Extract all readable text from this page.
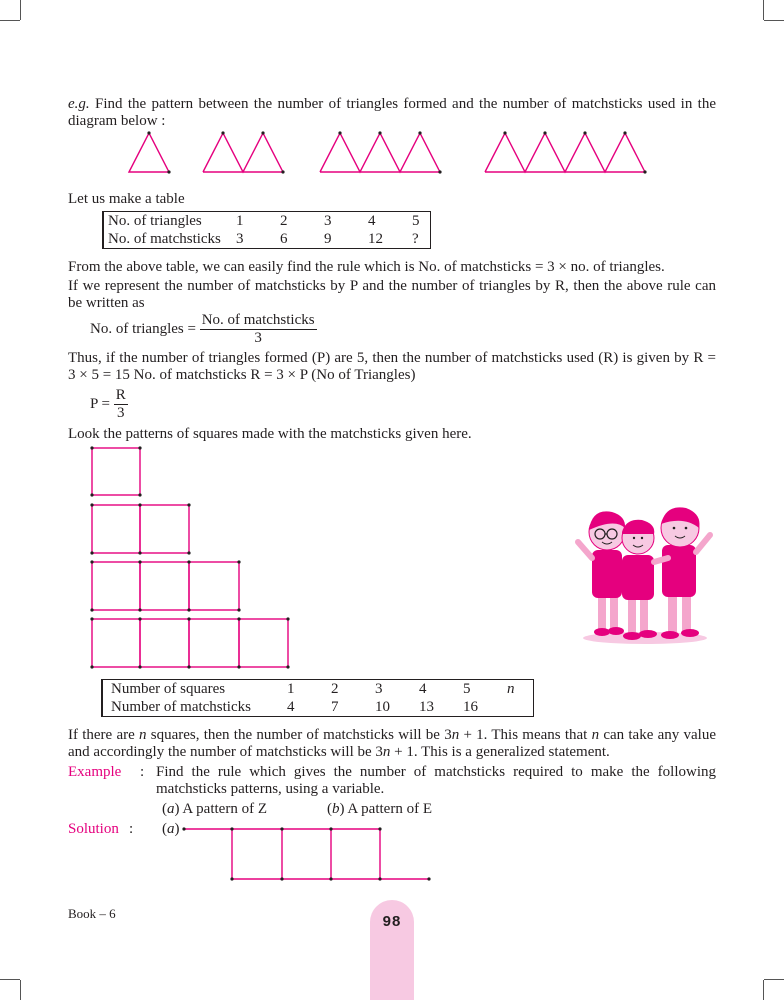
e.g. Find the pattern between the number of triangles formed and the number of matchsticks used in the diagram below :
Let us make a table
No. of triangles	1	2	3	4	5
No. of matchsticks	3	6	9	12	?
From the above table, we can easily find the rule which is No. of matchsticks = 3 × no. of triangles.
If we represent the number of matchsticks by P and the number of triangles by R, then the above rule can be written as
No. of triangles = $\frac{\text{No. of matchsticks}}{3}$
Thus, if the number of triangles formed (P) are 5, then the number of matchsticks used (R) is given by R = 3 × 5 = 15 No. of matchsticks R = 3 × P (No of Triangles)
$P = \frac{R}{3}$
Look the patterns of squares made with the matchsticks given here.
Number of squares	1	2	3	4	5	n
Number of matchsticks	4	7	10	13	16	
If there are n squares, then the number of matchsticks will be 3n + 1. This means that n can take any value and accordingly the number of matchsticks will be 3n + 1. This is a generalized statement.
Example : Find the rule which gives the number of matchsticks required to make the following matchsticks patterns, using a variable.
(a) A pattern of Z	(b) A pattern of E
Solution : (a)
Book – 6	98
